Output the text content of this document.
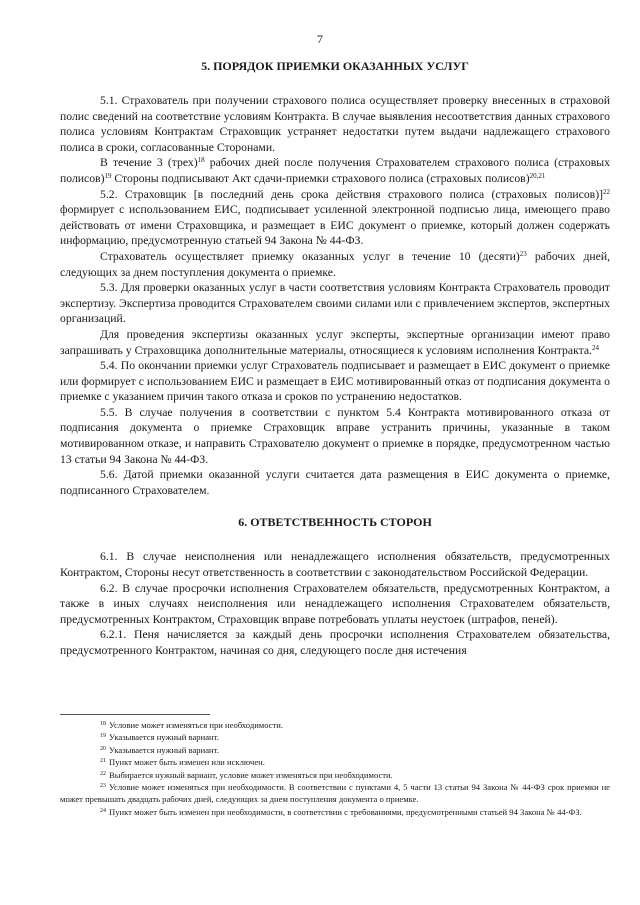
7
5. ПОРЯДОК ПРИЕМКИ ОКАЗАННЫХ УСЛУГ

5.1. Страхователь при получении страхового полиса осуществляет проверку внесенных в страховой полис сведений на соответствие условиям Контракта. В случае выявления несоответствия данных страхового полиса условиям Контрактам Страховщик устраняет недостатки путем выдачи надлежащего страхового полиса в сроки, согласованные Сторонами.

В течение 3 (трех)$^{18}$ рабочих дней после получения Страхователем страхового полиса (страховых полисов)$^{19}$ Стороны подписывают Акт сдачи-приемки страхового полиса (страховых полисов)$^{20,21}$

5.2. Страховщик [в последний день срока действия страхового полиса (страховых полисов)]$^{22}$ формирует с использованием ЕИС, подписывает усиленной электронной подписью лица, имеющего право действовать от имени Страховщика, и размещает в ЕИС документ о приемке, который должен содержать информацию, предусмотренную статьей 94 Закона № 44-ФЗ.

Страхователь осуществляет приемку оказанных услуг в течение 10 (десяти)$^{23}$ рабочих дней, следующих за днем поступления документа о приемке.

5.3. Для проверки оказанных услуг в части соответствия условиям Контракта Страхователь проводит экспертизу. Экспертиза проводится Страхователем своими силами или с привлечением экспертов, экспертных организаций.

Для проведения экспертизы оказанных услуг эксперты, экспертные организации имеют право запрашивать у Страховщика дополнительные материалы, относящиеся к условиям исполнения Контракта.$^{24}$

5.4. По окончании приемки услуг Страхователь подписывает и размещает в ЕИС документ о приемке или формирует с использованием ЕИС и размещает в ЕИС мотивированный отказ от подписания документа о приемке с указанием причин такого отказа и сроков по устранению недостатков.

5.5. В случае получения в соответствии с пунктом 5.4 Контракта мотивированного отказа от подписания документа о приемке Страховщик вправе устранить причины, указанные в таком мотивированном отказе, и направить Страхователю документ о приемке в порядке, предусмотренном частью 13 статьи 94 Закона № 44-ФЗ.

5.6. Датой приемки оказанной услуги считается дата размещения в ЕИС документа о приемке, подписанного Страхователем.

6. ОТВЕТСТВЕННОСТЬ СТОРОН

6.1. В случае неисполнения или ненадлежащего исполнения обязательств, предусмотренных Контрактом, Стороны несут ответственность в соответствии с законодательством Российской Федерации.

6.2. В случае просрочки исполнения Страхователем обязательств, предусмотренных Контрактом, а также в иных случаях неисполнения или ненадлежащего исполнения Страхователем обязательств, предусмотренных Контрактом, Страховщик вправе потребовать уплаты неустоек (штрафов, пеней).

6.2.1. Пеня начисляется за каждый день просрочки исполнения Страхователем обязательства, предусмотренного Контрактом, начиная со дня, следующего после дня истечения

$^{18}$ Условие может изменяться при необходимости.

$^{19}$ Указывается нужный вариант.

$^{20}$ Указывается нужный вариант.

$^{21}$ Пункт может быть изменен или исключен.

$^{22}$ Выбирается нужный вариант, условие может изменяться при необходимости.

$^{23}$ Условие может изменяться при необходимости. В соответствии с пунктами 4, 5 части 13 статьи 94 Закона № 44-ФЗ срок приемки не может превышать двадцать рабочих дней, следующих за днем поступления документа о приемке.

$^{24}$ Пункт может быть изменен при необходимости, в соответствии с требованиями, предусмотренными статьей 94 Закона № 44-ФЗ.
